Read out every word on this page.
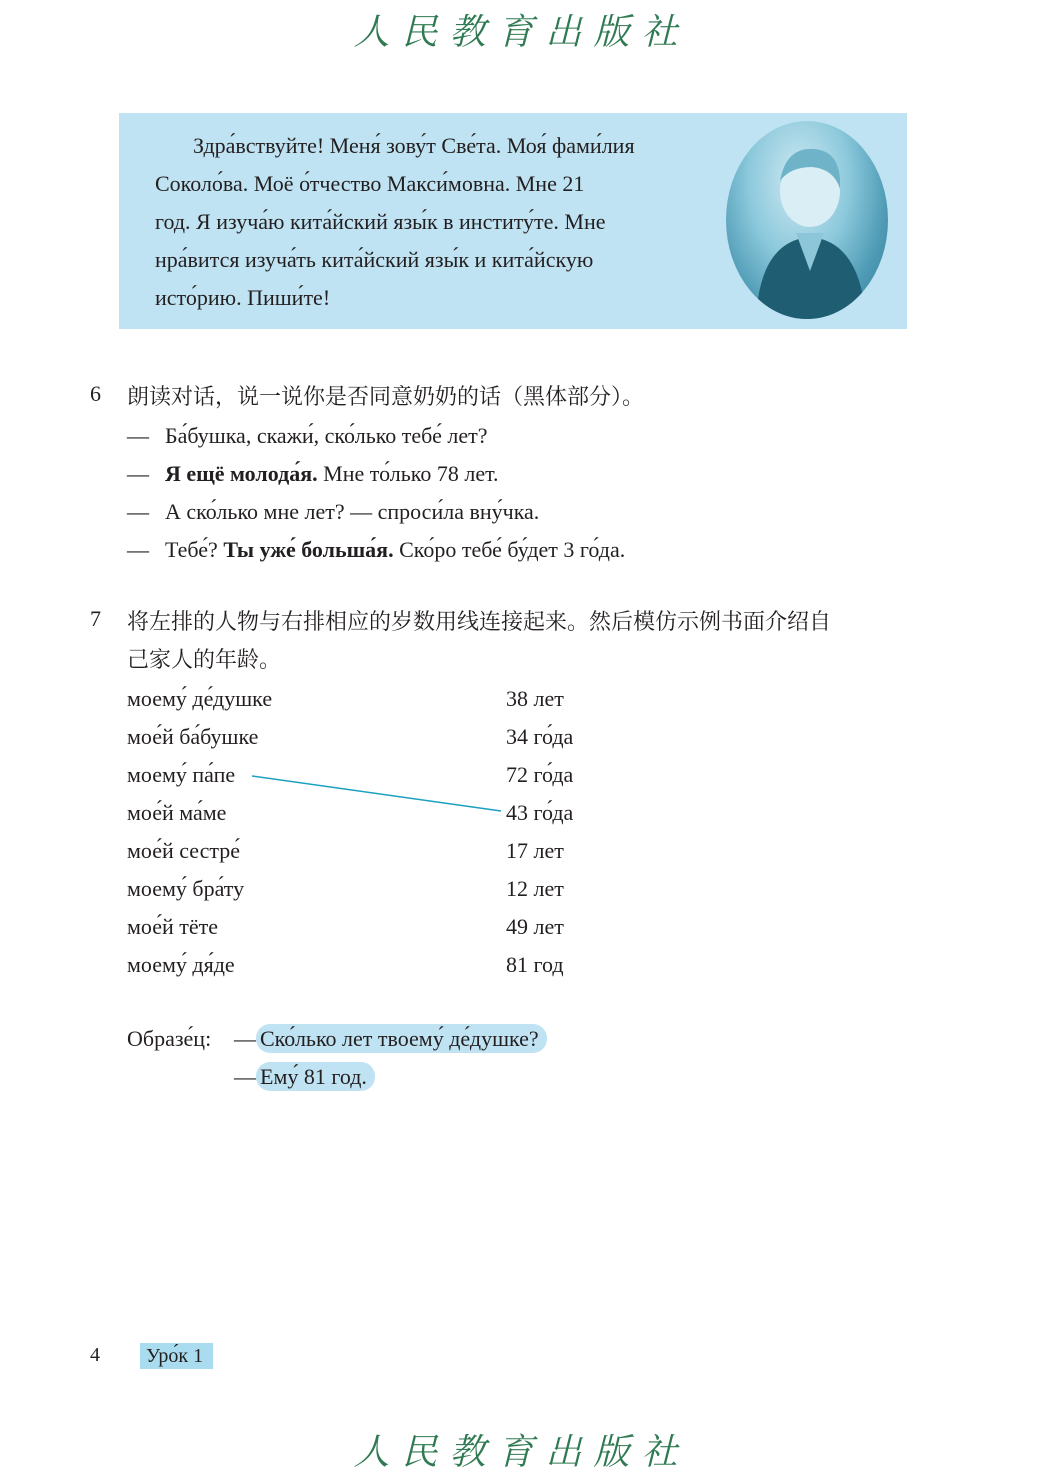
人民教育出版社
Здра́вствуйте! Меня́ зову́т Све́та. Моя́ фами́лия
Соколо́ва. Моё о́тчество Макси́мовна. Мне 21
год. Я изуча́ю кита́йский язы́к в институ́те. Мне
нра́вится изуча́ть кита́йский язы́к и кита́йскую
исто́рию. Пиши́те!
6 朗读对话，说一说你是否同意奶奶的话（黑体部分）。
— Ба́бушка, скажи́, ско́лько тебе́ лет?
— Я ещё молода́я. Мне то́лько 78 лет.
— А ско́лько мне лет? — спроси́ла вну́чка.
— Тебе́? Ты уже́ больша́я. Ско́ро тебе́ бу́дет 3 го́да.
7 将左排的人物与右排相应的岁数用线连接起来。然后模仿示例书面介绍自
己家人的年龄。
моему́ де́душке
мое́й ба́бушке
моему́ па́пе
мое́й ма́ме
мое́й сестре́
моему́ бра́ту
мое́й тёте
моему́ дя́де
38 лет
34 го́да
72 го́да
43 го́да
17 лет
12 лет
49 лет
81 год
Образе́ц: — Ско́лько лет твоему́ де́душке?
— Ему́ 81 год.
4	Уро́к 1
人民教育出版社
